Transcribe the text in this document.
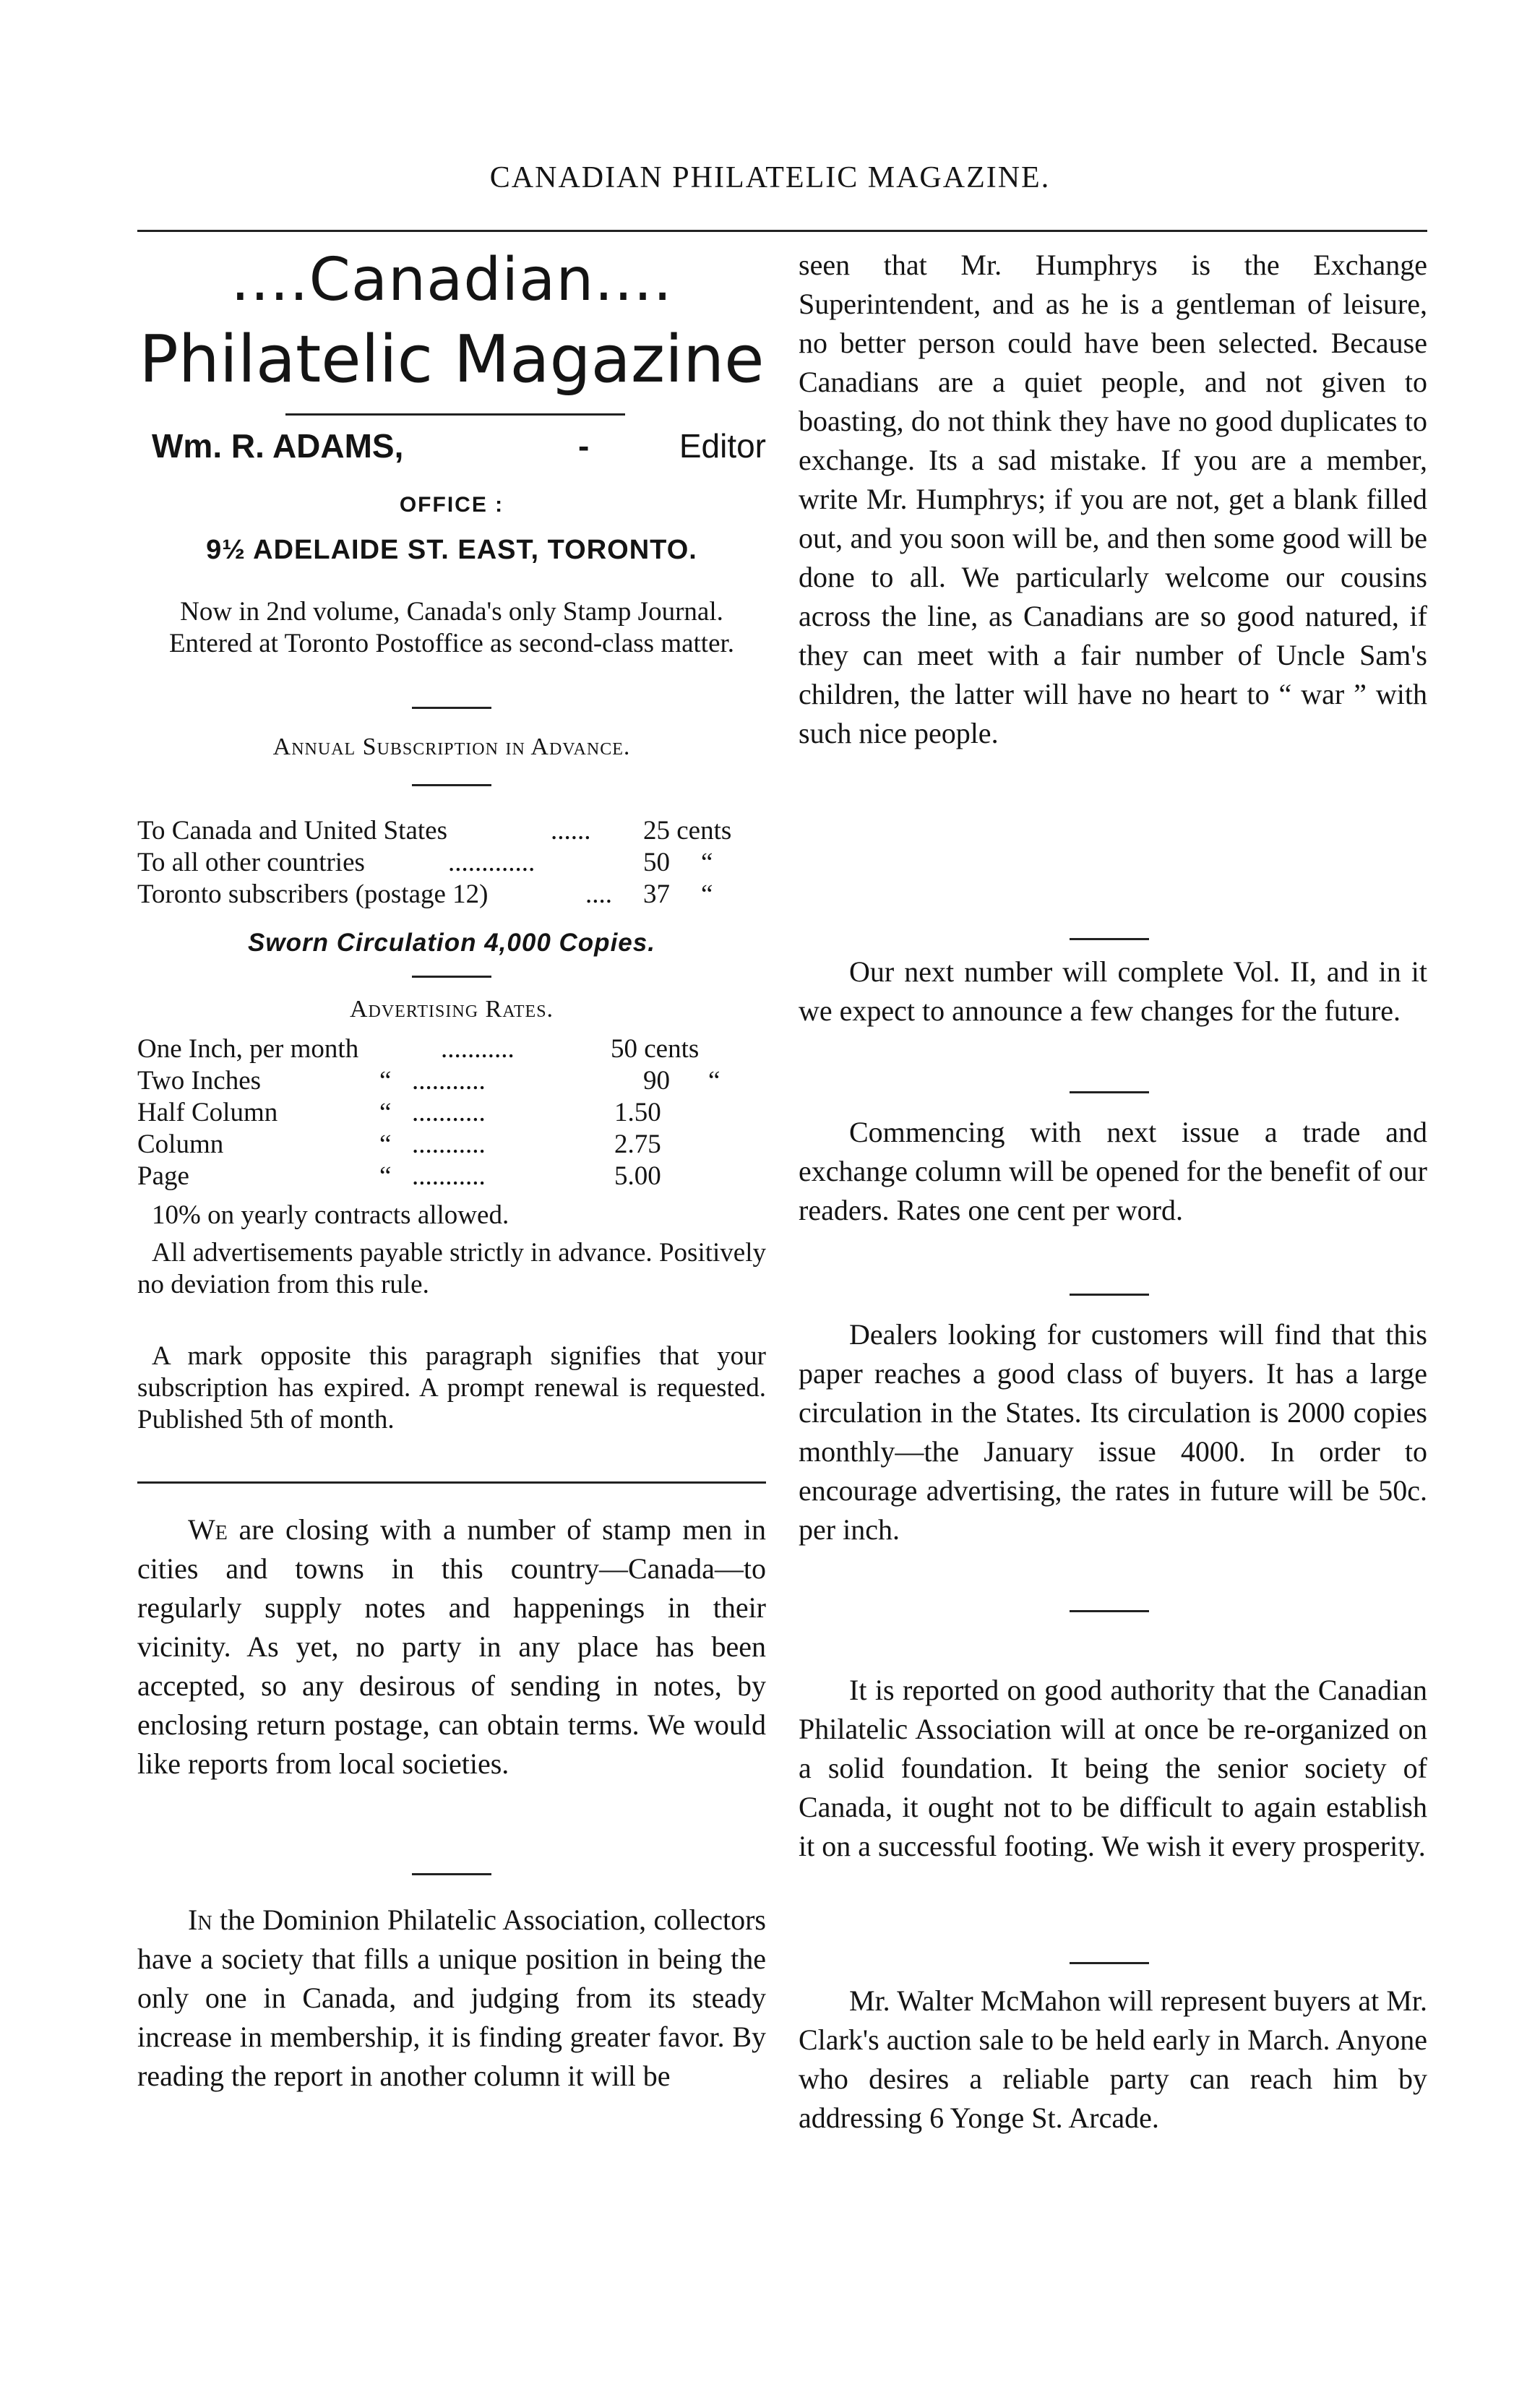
CANADIAN PHILATELIC MAGAZINE.
....Canadian....
Philatelic Magazine
Wm. R. ADAMS,	-	Editor
OFFICE :
9½ ADELAIDE ST. EAST, TORONTO.
Now in 2nd volume, Canada's only Stamp Journal. Entered at Toronto Postoffice as second-class matter.
Annual Subscription in Advance.
To Canada and United States	...... 25 cents
To all other countries	.............	50 “
Toronto subscribers (postage 12)	.... 37 “
Sworn Circulation 4,000 Copies.
Advertising Rates.
One Inch, per month	...........	50 cents
Two Inches	“ ...........	90 “
Half Column	“ ...........	1.50
Column	“ ...........	2.75
Page	“ ...........	5.00
10% on yearly contracts allowed.
All advertisements payable strictly in advance. Positively no deviation from this rule.
A mark opposite this paragraph signifies that your subscription has expired. A prompt renewal is requested. Published 5th of month.
We are closing with a number of stamp men in cities and towns in this country—Canada—to regularly supply notes and happenings in their vicinity. As yet, no party in any place has been accepted, so any desirous of sending in notes, by enclosing return postage, can obtain terms. We would like reports from local societies.
In the Dominion Philatelic Association, collectors have a society that fills a unique position in being the only one in Canada, and judging from its steady increase in membership, it is finding greater favor. By reading the report in another column it will be
seen that Mr. Humphrys is the Exchange Superintendent, and as he is a gentleman of leisure, no better person could have been selected. Because Canadians are a quiet people, and not given to boasting, do not think they have no good duplicates to exchange. Its a sad mistake. If you are a member, write Mr. Humphrys; if you are not, get a blank filled out, and you soon will be, and then some good will be done to all. We particularly welcome our cousins across the line, as Canadians are so good natured, if they can meet with a fair number of Uncle Sam's children, the latter will have no heart to “ war ” with such nice people.
Our next number will complete Vol. II, and in it we expect to announce a few changes for the future.
Commencing with next issue a trade and exchange column will be opened for the benefit of our readers. Rates one cent per word.
Dealers looking for customers will find that this paper reaches a good class of buyers. It has a large circulation in the States. Its circulation is 2000 copies monthly—the January issue 4000. In order to encourage advertising, the rates in future will be 50c. per inch.
It is reported on good authority that the Canadian Philatelic Association will at once be re-organized on a solid foundation. It being the senior society of Canada, it ought not to be difficult to again establish it on a successful footing. We wish it every prosperity.
Mr. Walter McMahon will represent buyers at Mr. Clark's auction sale to be held early in March. Anyone who desires a reliable party can reach him by addressing 6 Yonge St. Arcade.
